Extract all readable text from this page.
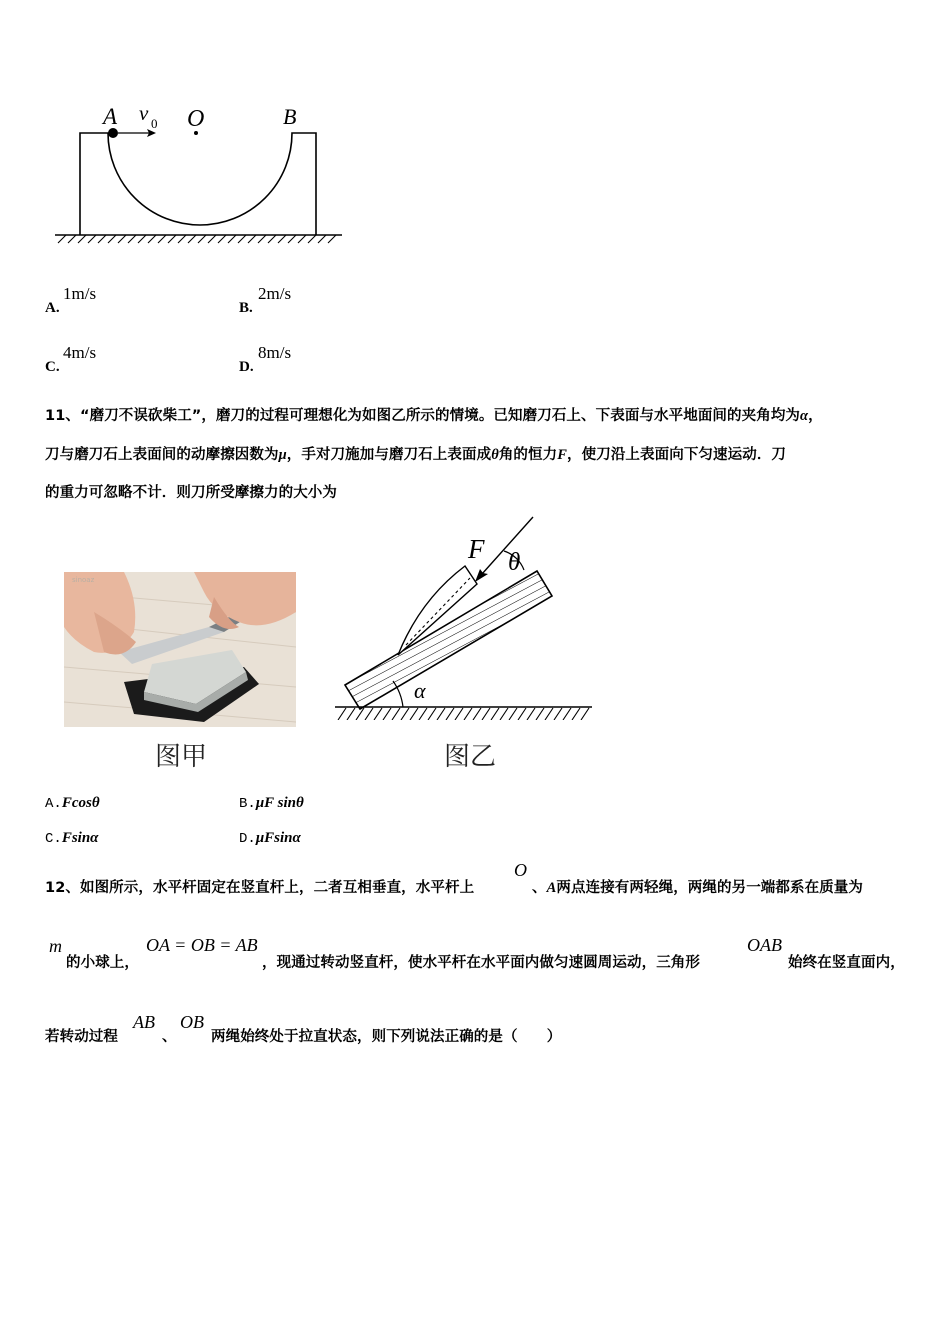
A v 0 O	B
A.
1m/s
B.
2m/s
C.
4m/s
D.
8m/s
11、“磨刀不误砍柴工”，磨刀的过程可理想化为如图乙所示的情境。已知磨刀石上、下表面与水平地面间的夹角均为α，
刀与磨刀石上表面间的动摩擦因数为μ，手对刀施加与磨刀石上表面成θ角的恒力F，使刀沿上表面向下匀速运动．刀
的重力可忽略不计．则刀所受摩擦力的大小为
sinoaz
F θ
α
图甲	图乙
A.Fcosθ	B.μF sinθ
C.Fsinα	D.μFsinα
12、如图所示，水平杆固定在竖直杆上，二者互相垂直，水平杆上
O
、A两点连接有两轻绳，两绳的另一端都系在质量为
m
的小球上，
OA = OB = AB
，现通过转动竖直杆，使水平杆在水平面内做匀速圆周运动，三角形
OAB
始终在竖直面内，
若转动过程
AB
、
OB
两绳始终处于拉直状态，则下列说法正确的是（　　）
